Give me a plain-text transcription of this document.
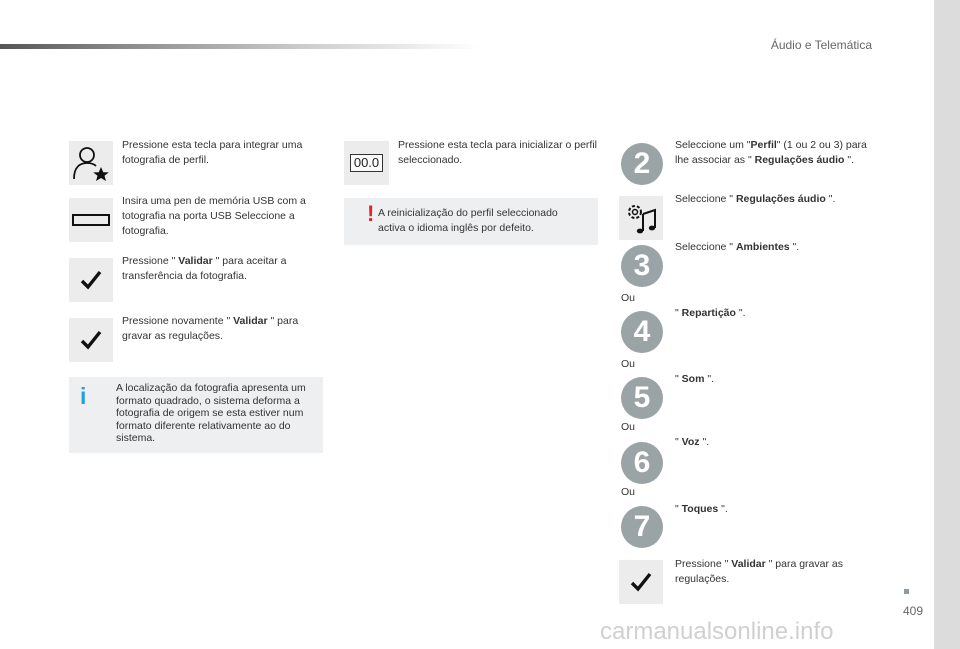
Áudio e Telemática
409
carmanualsonline.info
Pressione esta tecla para integrar uma fotografia de perfil.
Insira uma pen de memória USB com a totografia na porta USB Seleccione a fotografia.
Pressione " Validar " para aceitar a transferência da fotografia.
Pressione novamente " Validar " para gravar as regulações.
i	A localização da fotografia apresenta um formato quadrado, o sistema deforma a fotografia de origem se esta estiver num formato diferente relativamente ao do sistema.
00.0
Pressione esta tecla para inicializar o perfil seleccionado.
! A reinicialização do perfil seleccionado activa o idioma inglês por defeito.
2
Seleccione um "Perfil" (1 ou 2 ou 3) para lhe associar as " Regulações áudio ".
Seleccione " Regulações áudio ".
3
Seleccione " Ambientes ".
Ou
4
" Repartição ".
Ou
5
" Som ".
Ou
6
" Voz ".
Ou
7
" Toques ".
Pressione " Validar " para gravar as regulações.
